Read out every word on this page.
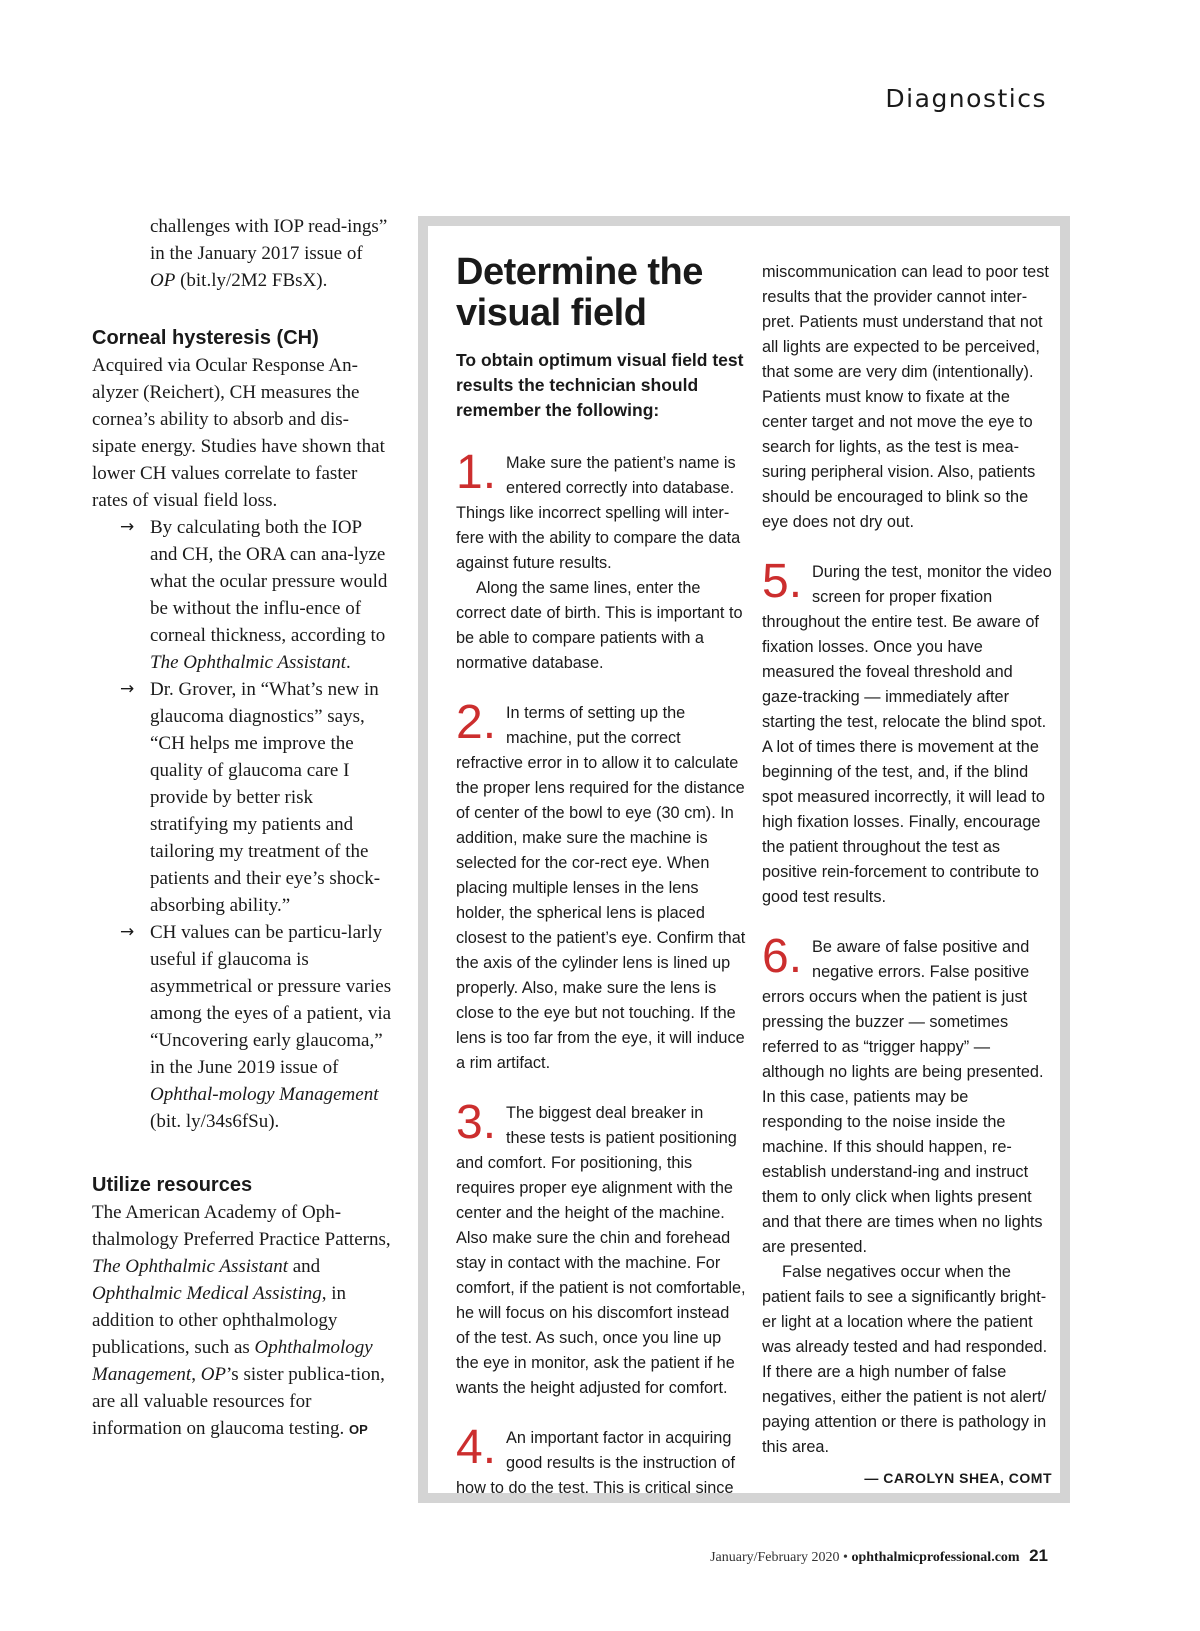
Diagnostics

challenges with IOP read-ings” in the January 2017 issue of OP (bit.ly/2M2 FBsX).

Corneal hysteresis (CH)

Acquired via Ocular Response An-alyzer (Reichert), CH measures the cornea’s ability to absorb and dis-sipate energy. Studies have shown that lower CH values correlate to faster rates of visual field loss.

→ By calculating both the IOP and CH, the ORA can ana-lyze what the ocular pressure would be without the influ-ence of corneal thickness, according to The Ophthalmic Assistant.
→ Dr. Grover, in “What’s new in glaucoma diagnostics” says, “CH helps me improve the quality of glaucoma care I provide by better risk stratifying my patients and tailoring my treatment of the patients and their eye’s shock-absorbing ability.”
→ CH values can be particu-larly useful if glaucoma is asymmetrical or pressure varies among the eyes of a patient, via “Uncovering early glaucoma,” in the June 2019 issue of Ophthal-mology Management (bit. ly/34s6fSu).
Utilize resources

The American Academy of Oph-thalmology Preferred Practice Patterns, The Ophthalmic Assistant and Ophthalmic Medical Assisting, in addition to other ophthalmology publications, such as Ophthalmology Management, OP’s sister publica-tion, are all valuable resources for information on glaucoma testing. OP

Determine the visual field

To obtain optimum visual field test results the technician should remember the following:

1. Make sure the patient’s name is entered correctly into database. Things like incorrect spelling will inter-fere with the ability to compare the data against future results.

Along the same lines, enter the correct date of birth. This is important to be able to compare patients with a normative database.

2. In terms of setting up the machine, put the correct refractive error in to allow it to calculate the proper lens required for the distance of center of the bowl to eye (30 cm). In addition, make sure the machine is selected for the cor-rect eye. When placing multiple lenses in the lens holder, the spherical lens is placed closest to the patient’s eye. Confirm that the axis of the cylinder lens is lined up properly. Also, make sure the lens is close to the eye but not touching. If the lens is too far from the eye, it will induce a rim artifact.

3. The biggest deal breaker in these tests is patient positioning and comfort. For positioning, this requires proper eye alignment with the center and the height of the machine. Also make sure the chin and forehead stay in contact with the machine. For comfort, if the patient is not comfortable, he will focus on his discomfort instead of the test. As such, once you line up the eye in monitor, ask the patient if he wants the height adjusted for comfort.

4. An important factor in acquiring good results is the instruction of how to do the test. This is critical since

miscommunication can lead to poor test results that the provider cannot inter-pret. Patients must understand that not all lights are expected to be perceived, that some are very dim (intentionally). Patients must know to fixate at the center target and not move the eye to search for lights, as the test is mea-suring peripheral vision. Also, patients should be encouraged to blink so the eye does not dry out.

5. During the test, monitor the video screen for proper fixation throughout the entire test. Be aware of fixation losses. Once you have measured the foveal threshold and gaze-tracking — immediately after starting the test, relocate the blind spot. A lot of times there is movement at the beginning of the test, and, if the blind spot measured incorrectly, it will lead to high fixation losses. Finally, encourage the patient throughout the test as positive rein-forcement to contribute to good test results.

6. Be aware of false positive and negative errors. False positive errors occurs when the patient is just pressing the buzzer — sometimes referred to as “trigger happy” — although no lights are being presented. In this case, patients may be responding to the noise inside the machine. If this should happen, re-establish understand-ing and instruct them to only click when lights present and that there are times when no lights are presented.

False negatives occur when the patient fails to see a significantly bright-er light at a location where the patient was already tested and had responded. If there are a high number of false negatives, either the patient is not alert/ paying attention or there is pathology in this area.

— CAROLYN SHEA, COMT
January/February 2020 • ophthalmicprofessional.com 21
